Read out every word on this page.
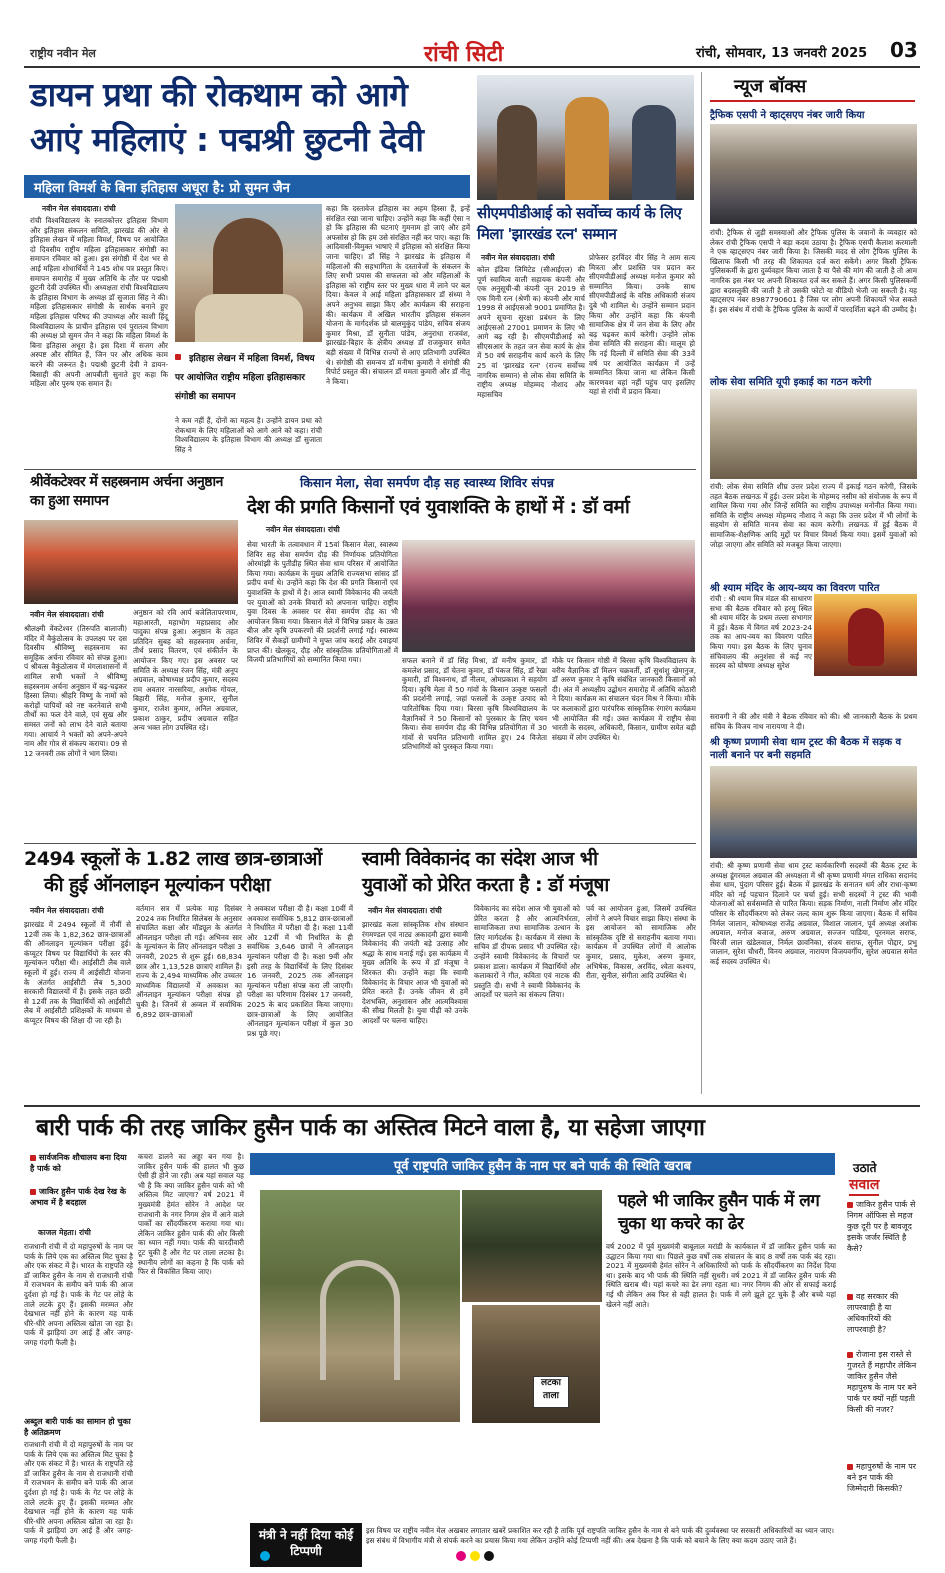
राष्ट्रीय नवीन मेल	रांची सिटी	रांची, सोमवार, 13 जनवरी 2025 03
डायन प्रथा की रोकथाम को आगे
आएं महिलाएं : पद्मश्री छुटनी देवी
महिला विमर्श के बिना इतिहास अधूरा है: प्रो सुमन जैन
नवीन मेल संवाददाता। रांची
रांची विश्वविद्यालय के स्नातकोत्तर इतिहास विभाग और इतिहास संकलन समिति, झारखंड की ओर से इतिहास लेखन में महिला विमर्श, विषय पर आयोजित दो दिवसीय राष्ट्रीय महिला इतिहासकार संगोष्ठी का समापन रविवार को हुआ। इस संगोष्ठी में देश भर से आई महिला शोधार्थियों ने 145 शोध पत्र प्रस्तुत किए। समापन समारोह में मुख्य अतिथि के तौर पर पद्मश्री छुटनी देवी उपस्थित थीं। अध्यक्षता रांची विश्वविद्यालय के इतिहास विभाग के अध्यक्ष डॉ सुजाता सिंह ने की। महिला इतिहासकार संगोष्ठी के सार्थक बनाने हुए महिला इतिहास परिषद की उपाध्यक्ष और काशी हिंदू विश्वविद्यालय के प्राचीन इतिहास एवं पुरातत्व विभाग की अध्यक्ष प्रो सुमन जैन ने कहा कि महिला विमर्श के बिना इतिहास अधूरा है। इस दिशा में सजग और अस्पष्ट और सीमित हैं, जिन पर और अधिक काम करने की जरूरत है। पद्मश्री छुटनी देवी ने डायन-बिसाही की अपनी आपबीती सुनाते हुए कहा कि महिला और पुरुष एक समान हैं।
इतिहास लेखन में महिला विमर्श, विषय पर आयोजित राष्ट्रीय महिला इतिहासकार संगोष्ठी का समापन
ने कम नहीं हैं, दोनों का महत्व है। उन्होंने डायन प्रथा को रोकथाम के लिए महिलाओं को आगे आने को कहा। रांची विश्वविद्यालय के इतिहास विभाग की अध्यक्ष डॉ सुजाता सिंह ने
कहा कि दस्तावेज इतिहास का अहम हिस्सा हैं, इन्हें संरक्षित रखा जाना चाहिए। उन्होंने कहा कि कहीं ऐसा न हो कि इतिहास की घटनाएं गुमनाम हो जाएं और हमें अफसोस हो कि हम उसे संरक्षित नहीं कर पाए। कहा कि आदिवासी-विमुक्त भाषाएं में इतिहास को संरक्षित किया जाना चाहिए। डॉ सिंह ने झारखंड के इतिहास में महिलाओं की सहभागिता के दस्तावेजों के संकलन के लिए सभी प्रयास की सफलता को और महिलाओं के इतिहास को राष्ट्रीय स्तर पर मुख्य धारा में लाने पर बल दिया। केवल वे आई महिला इतिहासकार डॉ संध्या ने अपने अनुभव साझा किए और कार्यक्रम की सराहना की। कार्यक्रम में अखिल भारतीय इतिहास संकलन योजना के मार्गदर्शक प्रो बालमुकुंद पांडेय, सचिव संजय कुमार मिश्रा, डॉ सुनीता पांडेय, अनुराधा राजवंश, झारखंड-बिहार के क्षेत्रीय अध्यक्ष डॉ राजकुमार समेत बड़ी संख्या में विभिन्न राज्यों से आए प्रतिभागी उपस्थित थे। संगोष्ठी की समन्वय डॉ मनीषा कुमारी ने संगोष्ठी की रिपोर्ट प्रस्तुत की। संचालन डॉ ममता कुमारी और डॉ नीतू ने किया।
सीएमपीडीआई को सर्वोच्च कार्य के लिए मिला 'झारखंड रत्न' सम्मान
नवीन मेल संवाददाता। रांची
कोल इंडिया लिमिटेड (सीआईएल) की पूर्ण स्वामित्व वाली सहायक कंपनी और एक अनुसूची-बी कंपनी जून 2019 से एक मिनी रत्न (श्रेणी क) कंपनी और मार्च 1998 से आईएसओ 9001 प्रमाणित है। अपने सूचना सुरक्षा प्रबंधन के लिए आईएसओ 27001 प्रमाणन के लिए भी आगे बढ़ रही है। सीएमपीडीआई को सीएसआर के तहत जन सेवा कार्य के क्षेत्र में 50 वर्ष सराहनीय कार्य करने के लिए 25 वां 'झारखंड रत्न' (राज्य सर्वोच्च नागरिक सम्मान) से लोक सेवा समिति के राष्ट्रीय अध्यक्ष मोहम्मद नौशाद और महासचिव
प्रोफेसर हरविंदर वीर सिंह ने आम सत्य मित्रता और प्रशस्ति पत्र प्रदान कर सीएमपीडीआई अध्यक्ष मनोज कुमार को सम्मानित किया। उनके साथ सीएमपीडीआई के वरिष्ठ अधिकारी संजय दुबे भी शामिल थे। उन्होंने सम्मान प्रदान किया और उन्होंने कहा कि कंपनी सामाजिक क्षेत्र में जन सेवा के लिए और बढ़ चढ़कर कार्य करेगी। उन्होंने लोक सेवा समिति की सराहना की। मालूम हो कि नई दिल्ली में समिति सेवा की 33वें वर्ष पर आयोजित कार्यक्रम में उन्हें सम्मानित किया जाना था लेकिन किसी कारणवश वहां नहीं पहुंच पाए इसलिए यहां से रांची में प्रदान किया।
न्यूज बॉक्स
ट्रैफिक एसपी ने व्हाट्सएप नंबर जारी किया
रांची: ट्रैफिक से जुड़ी समस्याओं और ट्रैफिक पुलिस के जवानों के व्यवहार को लेकर रांची ट्रैफिक एसपी ने बड़ा कदम उठाया है। ट्रैफिक एसपी कैलाश करमाली ने एक व्हाट्सएप नंबर जारी किया है। जिसकी मदद से लोग ट्रैफिक पुलिस के खिलाफ किसी भी तरह की शिकायत दर्ज करा सकेंगे। अगर किसी ट्रैफिक पुलिसकर्मी के द्वारा दुर्व्यवहार किया जाता है या पैसे की मांग की जाती है तो आम नागरिक इस नंबर पर अपनी शिकायत दर्ज कर सकते हैं। अगर किसी पुलिसकर्मी द्वारा बदसलूकी की जाती है तो उसकी फोटो या वीडियो भेजी जा सकती है। यह व्हाट्सएप नंबर 8987790601 है जिस पर लोग अपनी शिकायतें भेज सकते हैं। इस संबंध में रांची के ट्रैफिक पुलिस के कार्यों में पारदर्शिता बढ़ने की उम्मीद है।
लोक सेवा समिति यूपी इकाई का गठन करेगी
रांची: लोक सेवा समिति शीघ्र उत्तर प्रदेश राज्य में इकाई गठन करेगी, जिसके तहत बैठक लखनऊ में हुई। उत्तर प्रदेश के मोहम्मद नसीम को संयोजक के रूप में शामिल किया गया और जिन्हें समिति का राष्ट्रीय उपाध्यक्ष मनोनीत किया गया। समिति के राष्ट्रीय अध्यक्ष मोहम्मद नौशाद ने कहा कि उत्तर प्रदेश में भी लोगों के सहयोग से समिति मानव सेवा का काम करेगी। लखनऊ में हुई बैठक में सामाजिक-शैक्षणिक आदि मुद्दों पर विचार विमर्श किया गया। इसमें युवाओं को जोड़ा जाएगा और समिति को मजबूत किया जाएगा।
श्री श्याम मंदिर के आय-व्यय का विवरण पारित
रांची : श्री श्याम मित्र मंडल की साधारण सभा की बैठक रविवार को हरमू स्थित श्री श्याम मंदिर के प्रथम तल्ला सभागार में हुई। बैठक में विगत वर्ष 2023-24 तक का आय-व्यय का विवरण पारित किया गया। इस बैठक के लिए चुनाव संचिवालय की अनुशंसा से कई नए सदस्य को घोषणा अध्यक्ष सुरेश
सरावगी ने की और मंत्री ने बैठक रविवार को की। श्री जानकारी बैठक के प्रथम सचिव के विजय नाथ नारायणा ने दी।
श्री कृष्ण प्रणामी सेवा धाम ट्रस्ट की बैठक में सड़क व नाली बनाने पर बनी सहमति
रांची: श्री कृष्ण प्रणामी सेवा धाम ट्रस्ट कार्यकारिणी सदस्यों की बैठक ट्रस्ट के अध्यक्ष डूंगरमल अग्रवाल की अध्यक्षता में श्री कृष्ण प्रणामी मंगल राधिका सदानंद सेवा धाम, पुंदाग परिसर हुई। बैठक में झारखंड के सनातन धर्म और राधा-कृष्ण मंदिर को नई पहचान दिलाने पर चर्चा हुई। सभी सदस्यों ने ट्रस्ट की भावी योजनाओं को सर्वसम्मति से पारित किया। सड़क निर्माण, नाली निर्माण और मंदिर परिसर के सौंदर्यीकरण को लेकर जल्द काम शुरू किया जाएगा। बैठक में सचिव निर्मल जालान, कोषाध्यक्ष राजेंद्र अग्रवाल, विशाल जालान, पूर्व अध्यक्ष अशोक अग्रवाल, मनोज बजाज, अरुण अग्रवाल, सज्जन पाडिया, पूरनमल सराफ, चिरंजी लाल खंडेलवाल, निर्मल छावनिका, संजय सराफ, सुनील पोद्दार, प्रभु जालान, सुरेश चौधरी, विनय अग्रवाल, नारायण विजयवर्गीय, सुरेश अग्रवाल समेत कई सदस्य उपस्थित थे।
श्रीवेंकटेश्वर में सहस्त्रनाम अर्चना अनुष्ठान का हुआ समापन
नवीन मेल संवाददाता। रांची
श्रीलक्ष्मी वेंकटेश्वर (तिरुपति बालाजी) मंदिर में वैकुंठोत्सव के उपलक्ष्य पर दस दिवसीय श्रीविष्णु सहस्त्रनाम का समूहिक अर्चना रविवार को संपन्न हुआ। पं श्रीवत्स वैकुंठोत्सव में मंगलाशासनों में शामिल सभी भक्तों ने श्रीविष्णु सहस्त्रनाम अर्चना अनुष्ठान में बढ़-चढ़कर हिस्सा लिया। श्रीहरि विष्णु के नामों को करोड़ों पापियों को नष्ट करनेवाले सभी तीर्थों का फल देने वाले, एवं सुख और समस्त जनों को लाभ देने वाले बताया गया। आचार्य ने भक्तों को अपने-अपने नाम और गोत्र से संकल्प कराया। 09 से 12 जनवरी तक लोगों ने भाग लिया।
अनुष्ठान को रवि आर्य बजेलितापरणाम, महाआरती, महाभोग महाप्रसाद और पादुका संपन्न हुआ। अनुष्ठान के तहत प्रतिदिन सुबह को सहस्त्रनाम अर्चना, तीर्थ प्रसाद वितरण, एवं संकीर्तन के आयोजन किए गए। इस अवसर पर समिति के अध्यक्ष रंजन सिंह, मंत्री अनूप अग्रवाल, कोषाध्यक्ष प्रदीप कुमार, सदस्य राम अवतार नारसरिया, अशोक गोयल, बिहारी सिंह, मनोज कुमार, सुनील कुमार, राजेश कुमार, अनिल अग्रवाल, प्रकाश ठाकुर, प्रदीप अग्रवाल सहित अन्य भक्त लोग उपस्थित रहे।
किसान मेला, सेवा समर्पण दौड़ सह स्वास्थ्य शिविर संपन्न
देश की प्रगति किसानों एवं युवाशक्ति के हाथों में : डॉ वर्मा
नवीन मेल संवाददाता। रांची
सेवा भारती के तत्वावधान में 15वां किसान मेला, स्वास्थ्य शिविर सह सेवा समर्पण दौड़ की निर्णायक प्रतियोगिता ओरमांझी के पुतीडीह स्थित सेवा धाम परिसर में आयोजित किया गया। कार्यक्रम के मुख्य अतिथि राज्यसभा सांसद डॉ प्रदीप वर्मा थे। उन्होंने कहा कि देश की प्रगति किसानों एवं युवाशक्ति के हाथों में है। आज स्वामी विवेकानंद की जयंती पर युवाओं को उनके विचारों को अपनाना चाहिए। राष्ट्रीय युवा दिवस के अवसर पर सेवा समर्पण दौड़ का भी आयोजन किया गया। किसान मेले में विभिन्न प्रकार के उन्नत बीज और कृषि उपकरणों की प्रदर्शनी लगाई गई। स्वास्थ्य शिविर में सैकड़ों ग्रामीणों ने मुफ्त जांच कराई और दवाइयां प्राप्त कीं। खेलकूद, दौड़ और सांस्कृतिक प्रतियोगिताओं में विजयी प्रतिभागियों को सम्मानित किया गया।	सफल बनाने में डॉ सिंह मिश्रा, डॉ मनीष कुमार, डॉ कमलेश प्रसाद, डॉ चेतना कुमार, डॉ पंकज सिंह, डॉ रेखा कुमारी, डॉ विश्वनाथ, डॉ नीलम, ओमप्रकाश ने सहयोग दिया। कृषि मेला में 50 गांवों के किसान उत्कृष्ट फसलों की प्रदर्शनी लगाई, जहां फसलों के उत्कृष्ट उत्पाद को पारितोषिक दिया गया। बिरसा कृषि विश्वविद्यालय के वैज्ञानिकों ने 50 किसानों को पुरस्कार के लिए चयन किया। सेवा समर्पण दौड़ की विभिन्न प्रतियोगिता में 30 गांवों से चयनित प्रतिभागी शामिल हुए। 24 विजेता प्रतिभागियों को पुरस्कृत किया गया।
मौके पर किसान गोष्ठी में बिरसा कृषि विश्वविद्यालय के वरीय वैज्ञानिक डॉ मिलन चक्रवर्ती, डॉ सुधांशु खेमानुज, डॉ अरुण कुमार ने कृषि संबंधित जानकारी किसानों को दी। अंत में अध्यक्षीय उद्बोधन समारोह में अतिथि कोठारी ने दिया। कार्यक्रम का संचालन चंदन मिश्र ने किया। मौके पर कलाकारों द्वारा पारंपरिक सांस्कृतिक रंगारंग कार्यक्रम भी आयोजित की गई। उक्त कार्यक्रम में राष्ट्रीय सेवा भारती के सदस्य, अधिकारी, किसान, ग्रामीण समेत बड़ी संख्या में लोग उपस्थित थे।
2494 स्कूलों के 1.82 लाख छात्र-छात्राओं
की हुई ऑनलाइन मूल्यांकन परीक्षा
नवीन मेल संवाददाता। रांची
झारखंड में 2494 स्कूलों में नौवीं से 12वीं तक के 1,82,362 छात्र-छात्राओं की ऑनलाइन मूल्यांकन परीक्षा हुई। कंप्यूटर विषय पर विद्यार्थियों के स्तर की मूल्यांकन परीक्षा थी। आईसीटी लैब वाले स्कूलों में हुई। राज्य में आईसीटी योजना के अंतर्गत आईसीटी लैब 5,300 सरकारी विद्यालयों में हैं। इसके तहत छठी से 12वीं तक के विद्यार्थियों को आईसीटी लैब में आईसीटी प्रशिक्षकों के माध्यम से कंप्यूटर विषय की शिक्षा दी जा रही है।
वर्तमान सत्र में प्रत्येक माह दिसंबर 2024 तक निर्धारित सिलेबस के अनुसार संचालित कक्षा और मॉड्यूल के अंतर्गत ऑनलाइन परीक्षा ली गई। अभिनव सार के मूल्यांकन के लिए ऑनलाइन परीक्षा 3 जनवरी, 2025 से शुरू हुई। 68,834 छात्र और 1,13,528 छात्राएं शामिल हैं। राज्य के 2,494 माध्यमिक और उच्चतर माध्यमिक विद्यालयों में अवकाश का ऑनलाइन मूल्यांकन परीक्षा संपन्न हो चुकी है। जिनमें से अव्वल में सर्वाधिक 6,892 छात्र-छात्राओं
ने अवकाश परीक्षा दी है। कक्षा 10वीं में अवकाश सर्वाधिक 5,812 छात्र-छात्राओं ने निर्धारित में परीक्षा दी है। कक्षा 11वीं और 12वीं में भी निर्धारित के ही सर्वाधिक 3,646 छात्रों ने ऑनलाइन मूल्यांकन परीक्षा दी है। कक्षा 9वीं और इसी तरह के विद्यार्थियों के लिए दिसंबर 16 जनवरी, 2025 तक ऑनलाइन मूल्यांकन परीक्षा संपन्न करा ली जाएगी। परीक्षा का परिणाम दिसंबर 17 जनवरी, 2025 के बाद प्रकाशित किया जाएगा। छात्र-छात्राओं के लिए आयोजित ऑनलाइन मूल्यांकन परीक्षा में कुल 30 प्रश्न पूछे गए।
स्वामी विवेकानंद का संदेश आज भी
युवाओं को प्रेरित करता है : डॉ मंजूषा
नवीन मेल संवाददाता। रांची
झारखंड कला सांस्कृतिक शोध संस्थान रंगमण्डल एवं नाट्य अकादमी द्वारा स्वामी विवेकानंद की जयंती बड़े उत्साह और श्रद्धा के साथ मनाई गई। इस कार्यक्रम में मुख्य अतिथि के रूप में डॉ मंजूषा ने शिरकत की। उन्होंने कहा कि स्वामी विवेकानंद के विचार आज भी युवाओं को प्रेरित करते हैं। उनके जीवन से हमें देशभक्ति, अनुशासन और आत्मविश्वास की सीख मिलती है। युवा पीढ़ी को उनके आदर्शों पर चलना चाहिए।
विवेकानंद का संदेश आज भी युवाओं को प्रेरित करता है और आत्मनिर्भरता, सामाजिकता तथा सामाजिक उत्थान के लिए मार्गदर्शक है। कार्यक्रम में संस्था के सचिव डॉ दीपक प्रसाद भी उपस्थित रहे। उन्होंने स्वामी विवेकानंद के विचारों पर प्रकाश डाला। कार्यक्रम में विद्यार्थियों और कलाकारों ने गीत, कविता एवं नाटक की प्रस्तुति दी। सभी ने स्वामी विवेकानंद के आदर्शों पर चलने का संकल्प लिया।
पर्व का आयोजन हुआ, जिसमें उपस्थित लोगों ने अपने विचार साझा किए। संस्था के इस आयोजन को सामाजिक और सांस्कृतिक दृष्टि से सराहनीय बताया गया। कार्यक्रम में उपस्थित लोगों में आलोक कुमार, प्रसाद, मुकेश, अरुण कुमार, अभिषेक, विकास, अरविंद, श्वेता कश्यप, रीता, सुनील, संगीता आदि उपस्थित थे।
बारी पार्क की तरह जाकिर हुसैन पार्क का अस्तित्व मिटने वाला है, या सहेजा जाएगा
सार्वजनिक शौचालय बना दिया है पार्क को
जाकिर हुसैन पार्क देख रेख के अभाव में है बदहाल
काजल मेहता। रांची
राजधानी रांची में दो महापुरुषों के नाम पर पार्क के लिये एक का अस्तित्व मिट चुका है और एक संकट में है। भारत के राष्ट्रपति रहे डॉ जाकिर हुसैन के नाम से राजधानी रांची में राजभवन के समीप बने पार्क की आज दुर्दशा हो गई है। पार्क के गेट पर लोहे के ताले लटके हुए हैं। इसकी मरम्मत और देखभाल नहीं होने के कारण यह पार्क धीरे-धीरे अपना अस्तित्व खोता जा रहा है। पार्क में झाड़ियां उग आई हैं और जगह-जगह गंदगी फैली है।
अब्दुल बारी पार्क का सामान हो चुका है अतिक्रमण
राजधानी रांची में दो महापुरुषों के नाम पर पार्क के लिये एक का अस्तित्व मिट चुका है और एक संकट में है। भारत के राष्ट्रपति रहे डॉ जाकिर हुसैन के नाम से राजधानी रांची में राजभवन के समीप बने पार्क की आज दुर्दशा हो गई है। पार्क के गेट पर लोहे के ताले लटके हुए हैं। इसकी मरम्मत और देखभाल नहीं होने के कारण यह पार्क धीरे-धीरे अपना अस्तित्व खोता जा रहा है। पार्क में झाड़ियां उग आई हैं और जगह-जगह गंदगी फैली है।
कचरा डालने का अड्डा बन गया है। जाकिर हुसैन पार्क की हालत भी कुछ ऐसी ही होने जा रही। अब यहां सवाल यह भी है कि क्या जाकिर हुसैन पार्क को भी अस्तित्व मिट जाएगा? वर्ष 2021 में मुख्यमंत्री हेमंत सोरेन ने आदेश पर राजधानी के नगर निगम क्षेत्र में आने वाले पार्कों का सौंदर्यीकरण कराया गया था। लेकिन जाकिर हुसैन पार्क की ओर किसी का ध्यान नहीं गया। पार्क की चारदीवारी टूट चुकी है और गेट पर ताला लटका है। स्थानीय लोगों का कहना है कि पार्क को फिर से विकसित किया जाए।
पूर्व राष्ट्रपति जाकिर हुसैन के नाम पर बने पार्क की स्थिति खराब
लटका ताला
मंत्री ने नहीं दिया कोई टिप्पणी
इस विषय पर राष्ट्रीय नवीन मेल अखबार लगातार खबरें प्रकाशित कर रही है ताकि पूर्व राष्ट्रपति जाकिर हुसैन के नाम से बने पार्क की दुर्व्यवस्था पर सरकारी अधिकारियों का ध्यान जाए। इस संबंध में विभागीय मंत्री से संपर्क करने का प्रयास किया गया लेकिन उन्होंने कोई टिप्पणी नहीं की। अब देखना है कि पार्क को बचाने के लिए क्या कदम उठाए जाते हैं।
पहले भी जाकिर हुसैन पार्क में लग चुका था कचरे का ढेर
वर्ष 2002 में पूर्व मुख्यमंत्री बाबूलाल मरांडी के कार्यकाल में डॉ जाकिर हुसैन पार्क का उद्घाटन किया गया था। पिछले कुछ वर्षों तक संचालन के बाद 8 वर्षों तक पार्क बंद रहा। 2021 में मुख्यमंत्री हेमंत सोरेन ने अधिकारियों को पार्क के सौंदर्यीकरण का निर्देश दिया था। इसके बाद भी पार्क की स्थिति नहीं सुधरी। वर्ष 2021 में डॉ जाकिर हुसैन पार्क की स्थिति खराब थी। यहां कचरे का ढेर लगा रहता था। नगर निगम की ओर से सफाई कराई गई थी लेकिन अब फिर से वही हालत है। पार्क में लगे झूले टूट चुके हैं और बच्चे यहां खेलने नहीं आते।
उठाते
सवाल
जाकिर हुसैन पार्क से निगम ऑफिस से महज कुछ दूरी पर है बावजूद इसके जर्जर स्थिति है कैसे?
वह सरकार की लापरवाही है या अधिकारियों की लापरवाही है?
रोजाना इस रास्ते से गुजरते हैं महापौर लेकिन जाकिर हुसैन जैसे महापुरुष के नाम पर बने पार्क पर क्यों नहीं पड़ती किसी की नजर?
महापुरुषों के नाम पर बने इन पार्क की जिम्मेदारी किसकी?
